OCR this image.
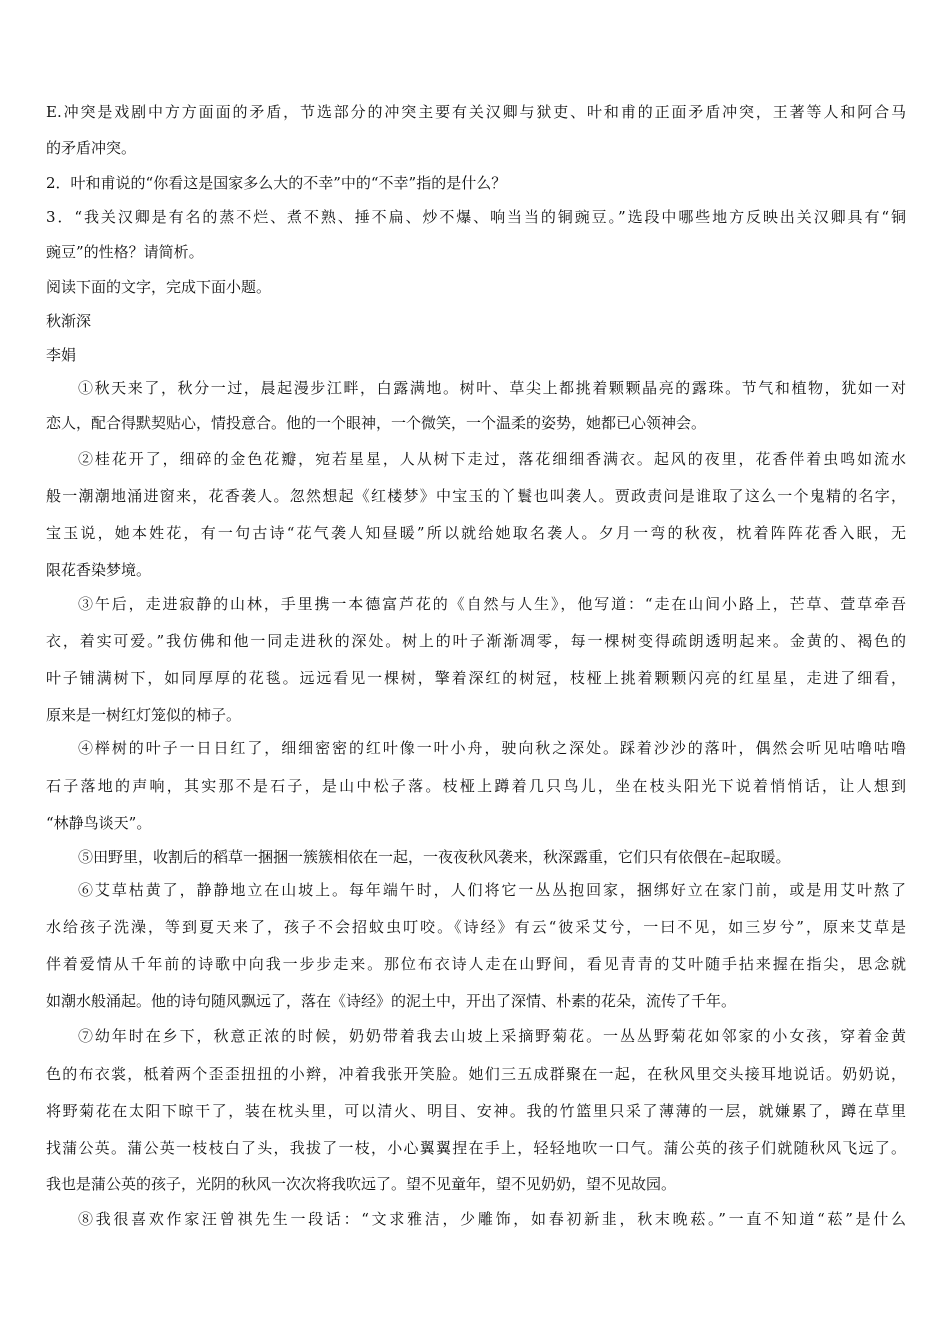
E.冲突是戏剧中方方面面的矛盾，节选部分的冲突主要有关汉卿与狱吏、叶和甫的正面矛盾冲突，王著等人和阿合马
的矛盾冲突。
2．叶和甫说的“你看这是国家多么大的不幸”中的“不幸”指的是什么？
3．“我关汉卿是有名的蒸不烂、煮不熟、捶不扁、炒不爆、响当当的铜豌豆。”选段中哪些地方反映出关汉卿具有“铜
豌豆”的性格？请简析。
阅读下面的文字，完成下面小题。
秋渐深
李娟
①秋天来了，秋分一过，晨起漫步江畔，白露满地。树叶、草尖上都挑着颗颗晶亮的露珠。节气和植物，犹如一对
恋人，配合得默契贴心，情投意合。他的一个眼神，一个微笑，一个温柔的姿势，她都已心领神会。
②桂花开了，细碎的金色花瓣，宛若星星，人从树下走过，落花细细香满衣。起风的夜里，花香伴着虫鸣如流水
般一潮潮地涌进窗来，花香袭人。忽然想起《红楼梦》中宝玉的丫鬟也叫袭人。贾政责问是谁取了这么一个鬼精的名字，
宝玉说，她本姓花，有一句古诗“花气袭人知昼暖”所以就给她取名袭人。夕月一弯的秋夜，枕着阵阵花香入眠，无
限花香染梦境。
③午后，走进寂静的山林，手里携一本德富芦花的《自然与人生》，他写道：“走在山间小路上，芒草、萱草牵吾
衣，着实可爱。”我仿佛和他一同走进秋的深处。树上的叶子渐渐凋零，每一棵树变得疏朗透明起来。金黄的、褐色的
叶子铺满树下，如同厚厚的花毯。远远看见一棵树，擎着深红的树冠，枝桠上挑着颗颗闪亮的红星星，走进了细看，
原来是一树红灯笼似的柿子。
④榉树的叶子一日日红了，细细密密的红叶像一叶小舟，驶向秋之深处。踩着沙沙的落叶，偶然会听见咕噜咕噜
石子落地的声响，其实那不是石子，是山中松子落。枝桠上蹲着几只鸟儿，坐在枝头阳光下说着悄悄话，让人想到
“林静鸟谈天”。
⑤田野里，收割后的稻草一捆捆一簇簇相依在一起，一夜夜秋风袭来，秋深露重，它们只有依偎在–起取暖。
⑥艾草枯黄了，静静地立在山坡上。每年端午时，人们将它一丛丛抱回家，捆绑好立在家门前，或是用艾叶熬了
水给孩子洗澡，等到夏天来了，孩子不会招蚊虫叮咬。《诗经》有云“彼采艾兮，一曰不见，如三岁兮”，原来艾草是
伴着爱情从千年前的诗歌中向我一步步走来。那位布衣诗人走在山野间，看见青青的艾叶随手拈来握在指尖，思念就
如潮水般涌起。他的诗句随风飘远了，落在《诗经》的泥土中，开出了深情、朴素的花朵，流传了千年。
⑦幼年时在乡下，秋意正浓的时候，奶奶带着我去山坡上采摘野菊花。一丛丛野菊花如邻家的小女孩，穿着金黄
色的布衣裳，柢着两个歪歪扭扭的小辫，冲着我张开笑脸。她们三五成群聚在一起，在秋风里交头接耳地说话。奶奶说，
将野菊花在太阳下晾干了，装在枕头里，可以清火、明目、安神。我的竹篮里只采了薄薄的一层，就嫌累了，蹲在草里
找蒲公英。蒲公英一枝枝白了头，我拔了一枝，小心翼翼捏在手上，轻轻地吹一口气。蒲公英的孩子们就随秋风飞远了。
我也是蒲公英的孩子，光阴的秋风一次次将我吹远了。望不见童年，望不见奶奶，望不见故园。
⑧我很喜欢作家汪曾祺先生一段话：“文求雅洁，少雕饰，如春初新韭，秋末晚菘。”一直不知道“菘”是什么
